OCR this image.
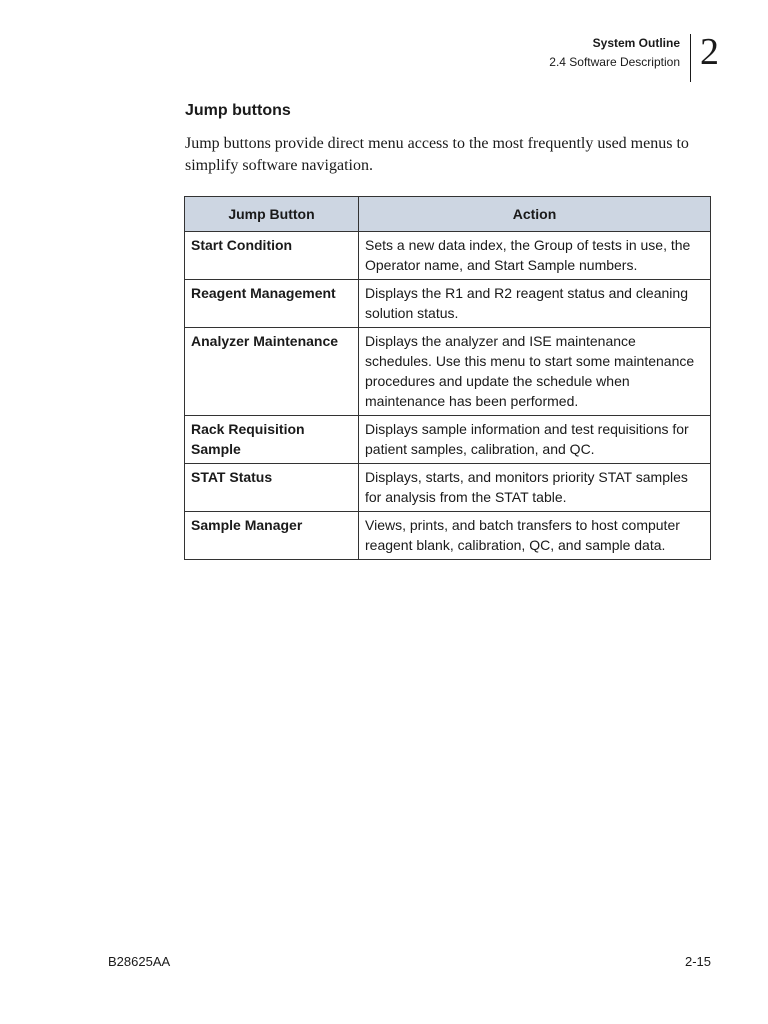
System Outline
2.4 Software Description 2
Jump buttons
Jump buttons provide direct menu access to the most frequently used menus to simplify software navigation.
Jump Button	Action
Start Condition	Sets a new data index, the Group of tests in use, the Operator name, and Start Sample numbers.
Reagent Management	Displays the R1 and R2 reagent status and cleaning solution status.
Analyzer Maintenance	Displays the analyzer and ISE maintenance schedules. Use this menu to start some maintenance procedures and update the schedule when maintenance has been performed.
Rack Requisition Sample	Displays sample information and test requisitions for patient samples, calibration, and QC.
STAT Status	Displays, starts, and monitors priority STAT samples for analysis from the STAT table.
Sample Manager	Views, prints, and batch transfers to host computer reagent blank, calibration, QC, and sample data.
B28625AA	2-15
